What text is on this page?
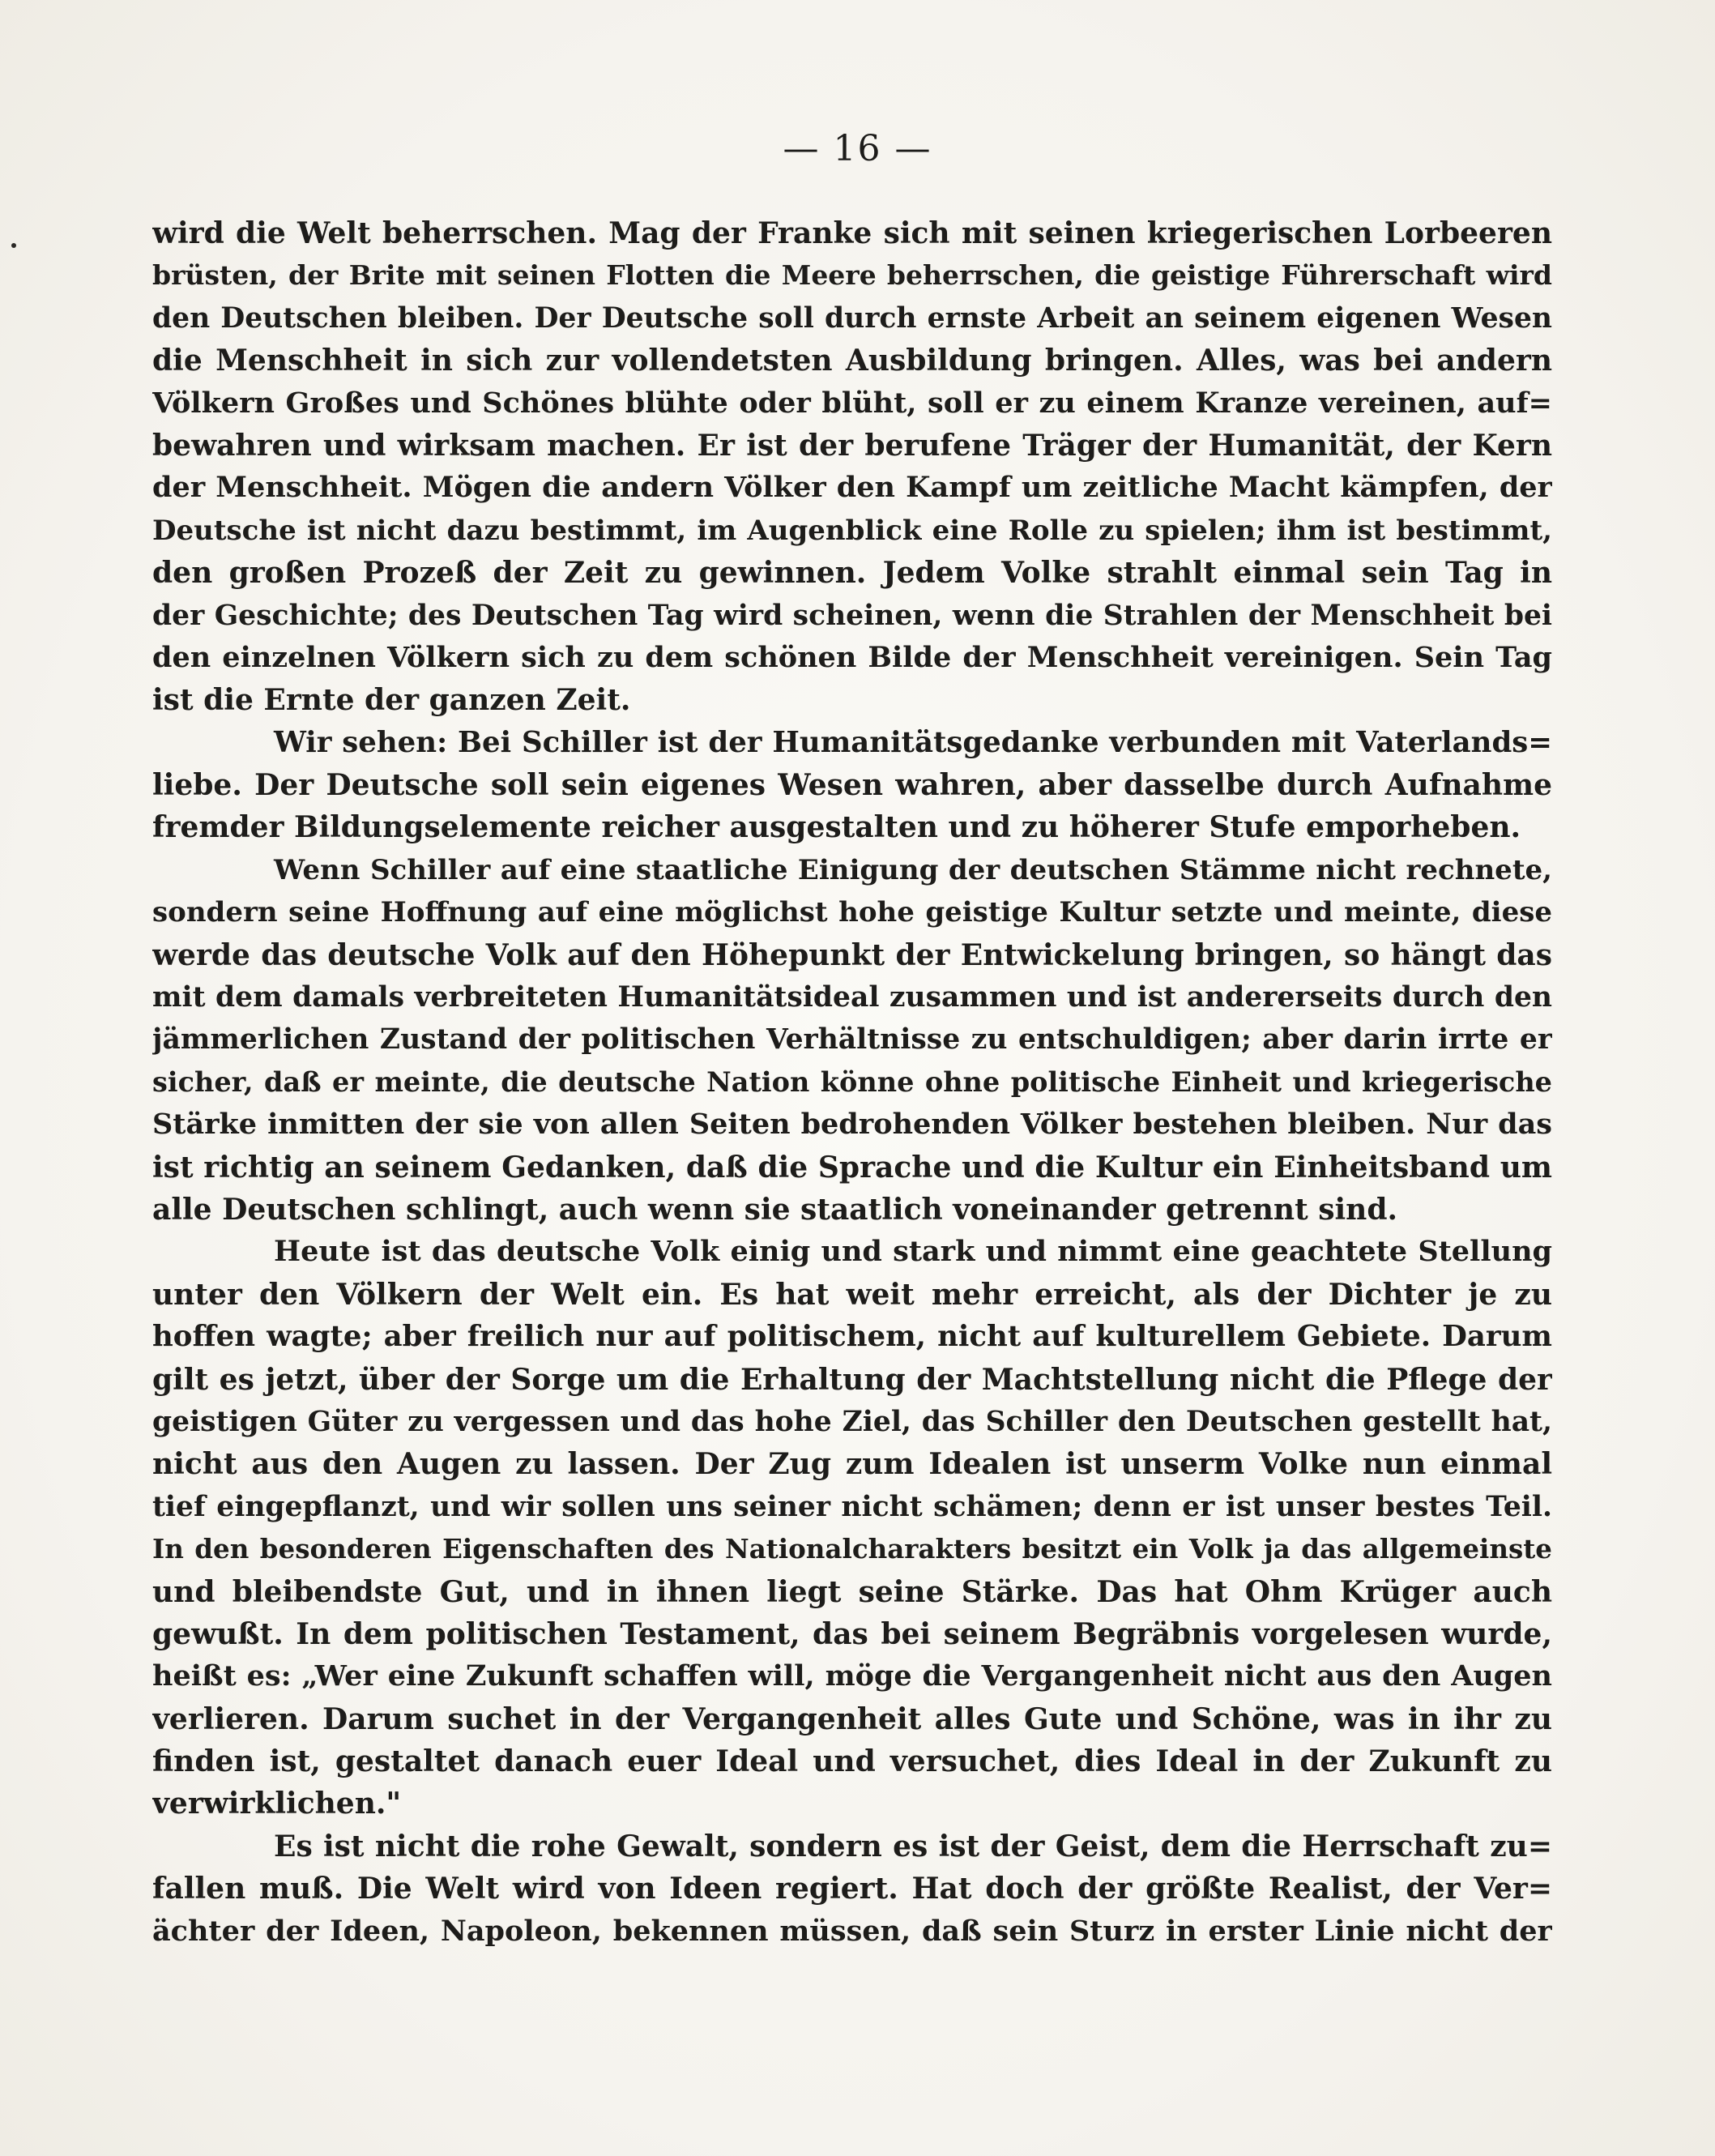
— 16 —
wird die Welt beherrschen. Mag der Franke sich mit seinen kriegerischen Lorbeeren
brüsten, der Brite mit seinen Flotten die Meere beherrschen, die geistige Führerschaft wird
den Deutschen bleiben. Der Deutsche soll durch ernste Arbeit an seinem eigenen Wesen
die Menschheit in sich zur vollendetsten Ausbildung bringen. Alles, was bei andern
Völkern Großes und Schönes blühte oder blüht, soll er zu einem Kranze vereinen, auf=
bewahren und wirksam machen. Er ist der berufene Träger der Humanität, der Kern
der Menschheit. Mögen die andern Völker den Kampf um zeitliche Macht kämpfen, der
Deutsche ist nicht dazu bestimmt, im Augenblick eine Rolle zu spielen; ihm ist bestimmt,
den großen Prozeß der Zeit zu gewinnen. Jedem Volke strahlt einmal sein Tag in
der Geschichte; des Deutschen Tag wird scheinen, wenn die Strahlen der Menschheit bei
den einzelnen Völkern sich zu dem schönen Bilde der Menschheit vereinigen. Sein Tag
ist die Ernte der ganzen Zeit.
Wir sehen: Bei Schiller ist der Humanitätsgedanke verbunden mit Vaterlands=
liebe. Der Deutsche soll sein eigenes Wesen wahren, aber dasselbe durch Aufnahme
fremder Bildungselemente reicher ausgestalten und zu höherer Stufe emporheben.
Wenn Schiller auf eine staatliche Einigung der deutschen Stämme nicht rechnete,
sondern seine Hoffnung auf eine möglichst hohe geistige Kultur setzte und meinte, diese
werde das deutsche Volk auf den Höhepunkt der Entwickelung bringen, so hängt das
mit dem damals verbreiteten Humanitätsideal zusammen und ist andererseits durch den
jämmerlichen Zustand der politischen Verhältnisse zu entschuldigen; aber darin irrte er
sicher, daß er meinte, die deutsche Nation könne ohne politische Einheit und kriegerische
Stärke inmitten der sie von allen Seiten bedrohenden Völker bestehen bleiben. Nur das
ist richtig an seinem Gedanken, daß die Sprache und die Kultur ein Einheitsband um
alle Deutschen schlingt, auch wenn sie staatlich voneinander getrennt sind.
Heute ist das deutsche Volk einig und stark und nimmt eine geachtete Stellung
unter den Völkern der Welt ein. Es hat weit mehr erreicht, als der Dichter je zu
hoffen wagte; aber freilich nur auf politischem, nicht auf kulturellem Gebiete. Darum
gilt es jetzt, über der Sorge um die Erhaltung der Machtstellung nicht die Pflege der
geistigen Güter zu vergessen und das hohe Ziel, das Schiller den Deutschen gestellt hat,
nicht aus den Augen zu lassen. Der Zug zum Idealen ist unserm Volke nun einmal
tief eingepflanzt, und wir sollen uns seiner nicht schämen; denn er ist unser bestes Teil.
In den besonderen Eigenschaften des Nationalcharakters besitzt ein Volk ja das allgemeinste
und bleibendste Gut, und in ihnen liegt seine Stärke. Das hat Ohm Krüger auch
gewußt. In dem politischen Testament, das bei seinem Begräbnis vorgelesen wurde,
heißt es: „Wer eine Zukunft schaffen will, möge die Vergangenheit nicht aus den Augen
verlieren. Darum suchet in der Vergangenheit alles Gute und Schöne, was in ihr zu
finden ist, gestaltet danach euer Ideal und versuchet, dies Ideal in der Zukunft zu
verwirklichen."
Es ist nicht die rohe Gewalt, sondern es ist der Geist, dem die Herrschaft zu=
fallen muß. Die Welt wird von Ideen regiert. Hat doch der größte Realist, der Ver=
ächter der Ideen, Napoleon, bekennen müssen, daß sein Sturz in erster Linie nicht der
